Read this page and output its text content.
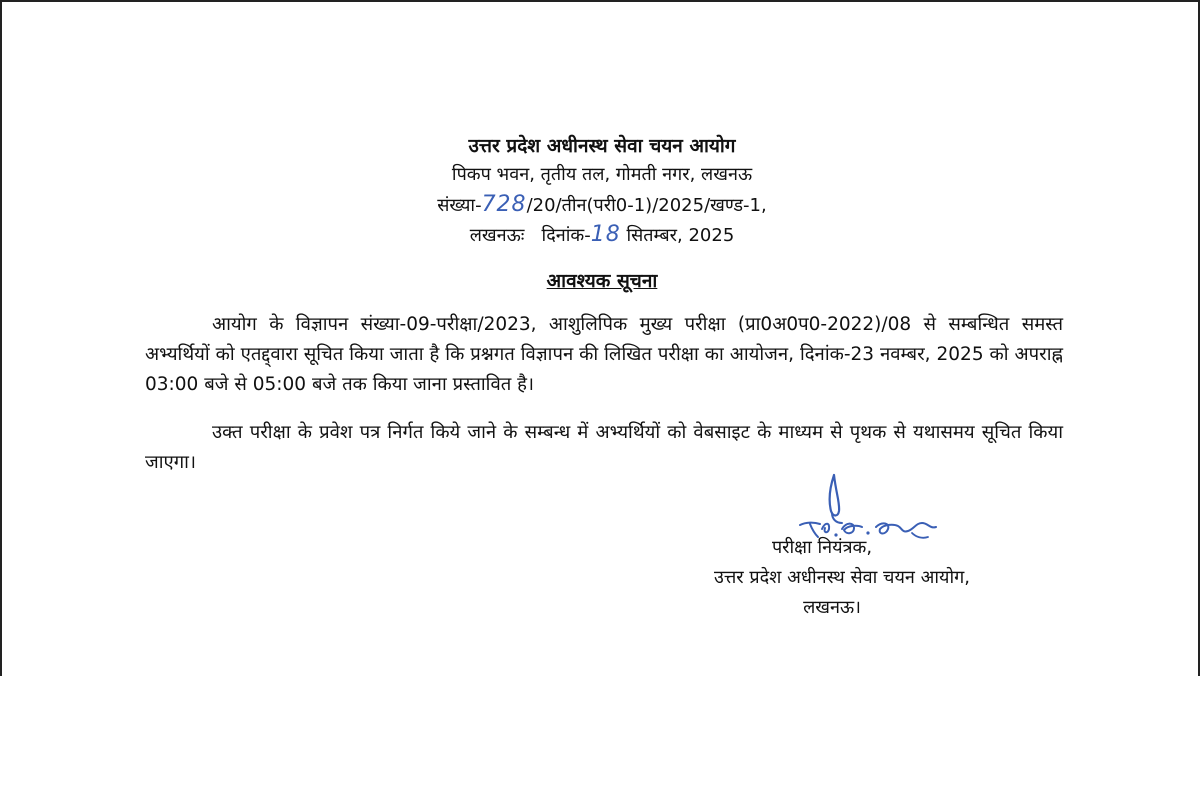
उत्तर प्रदेश अधीनस्थ सेवा चयन आयोग
पिकप भवन, तृतीय तल, गोमती नगर, लखनऊ
संख्या-728/20/तीन(परी0-1)/2025/खण्ड-1,
लखनऊः   दिनांक-18 सितम्बर, 2025
आवश्यक सूचना
आयोग के विज्ञापन संख्या-09-परीक्षा/2023, आशुलिपिक मुख्य परीक्षा (प्रा0अ0प0-2022)/08 से सम्बन्धित समस्त अभ्यर्थियों को एतद्द्वारा सूचित किया जाता है कि प्रश्नगत विज्ञापन की लिखित परीक्षा का आयोजन, दिनांक-23 नवम्बर, 2025 को अपराह्न 03:00 बजे से 05:00 बजे तक किया जाना प्रस्तावित है।
उक्त परीक्षा के प्रवेश पत्र निर्गत किये जाने के सम्बन्ध में अभ्यर्थियों को वेबसाइट के माध्यम से पृथक से यथासमय सूचित किया जाएगा।
परीक्षा नियंत्रक,
उत्तर प्रदेश अधीनस्थ सेवा चयन आयोग,
लखनऊ।
